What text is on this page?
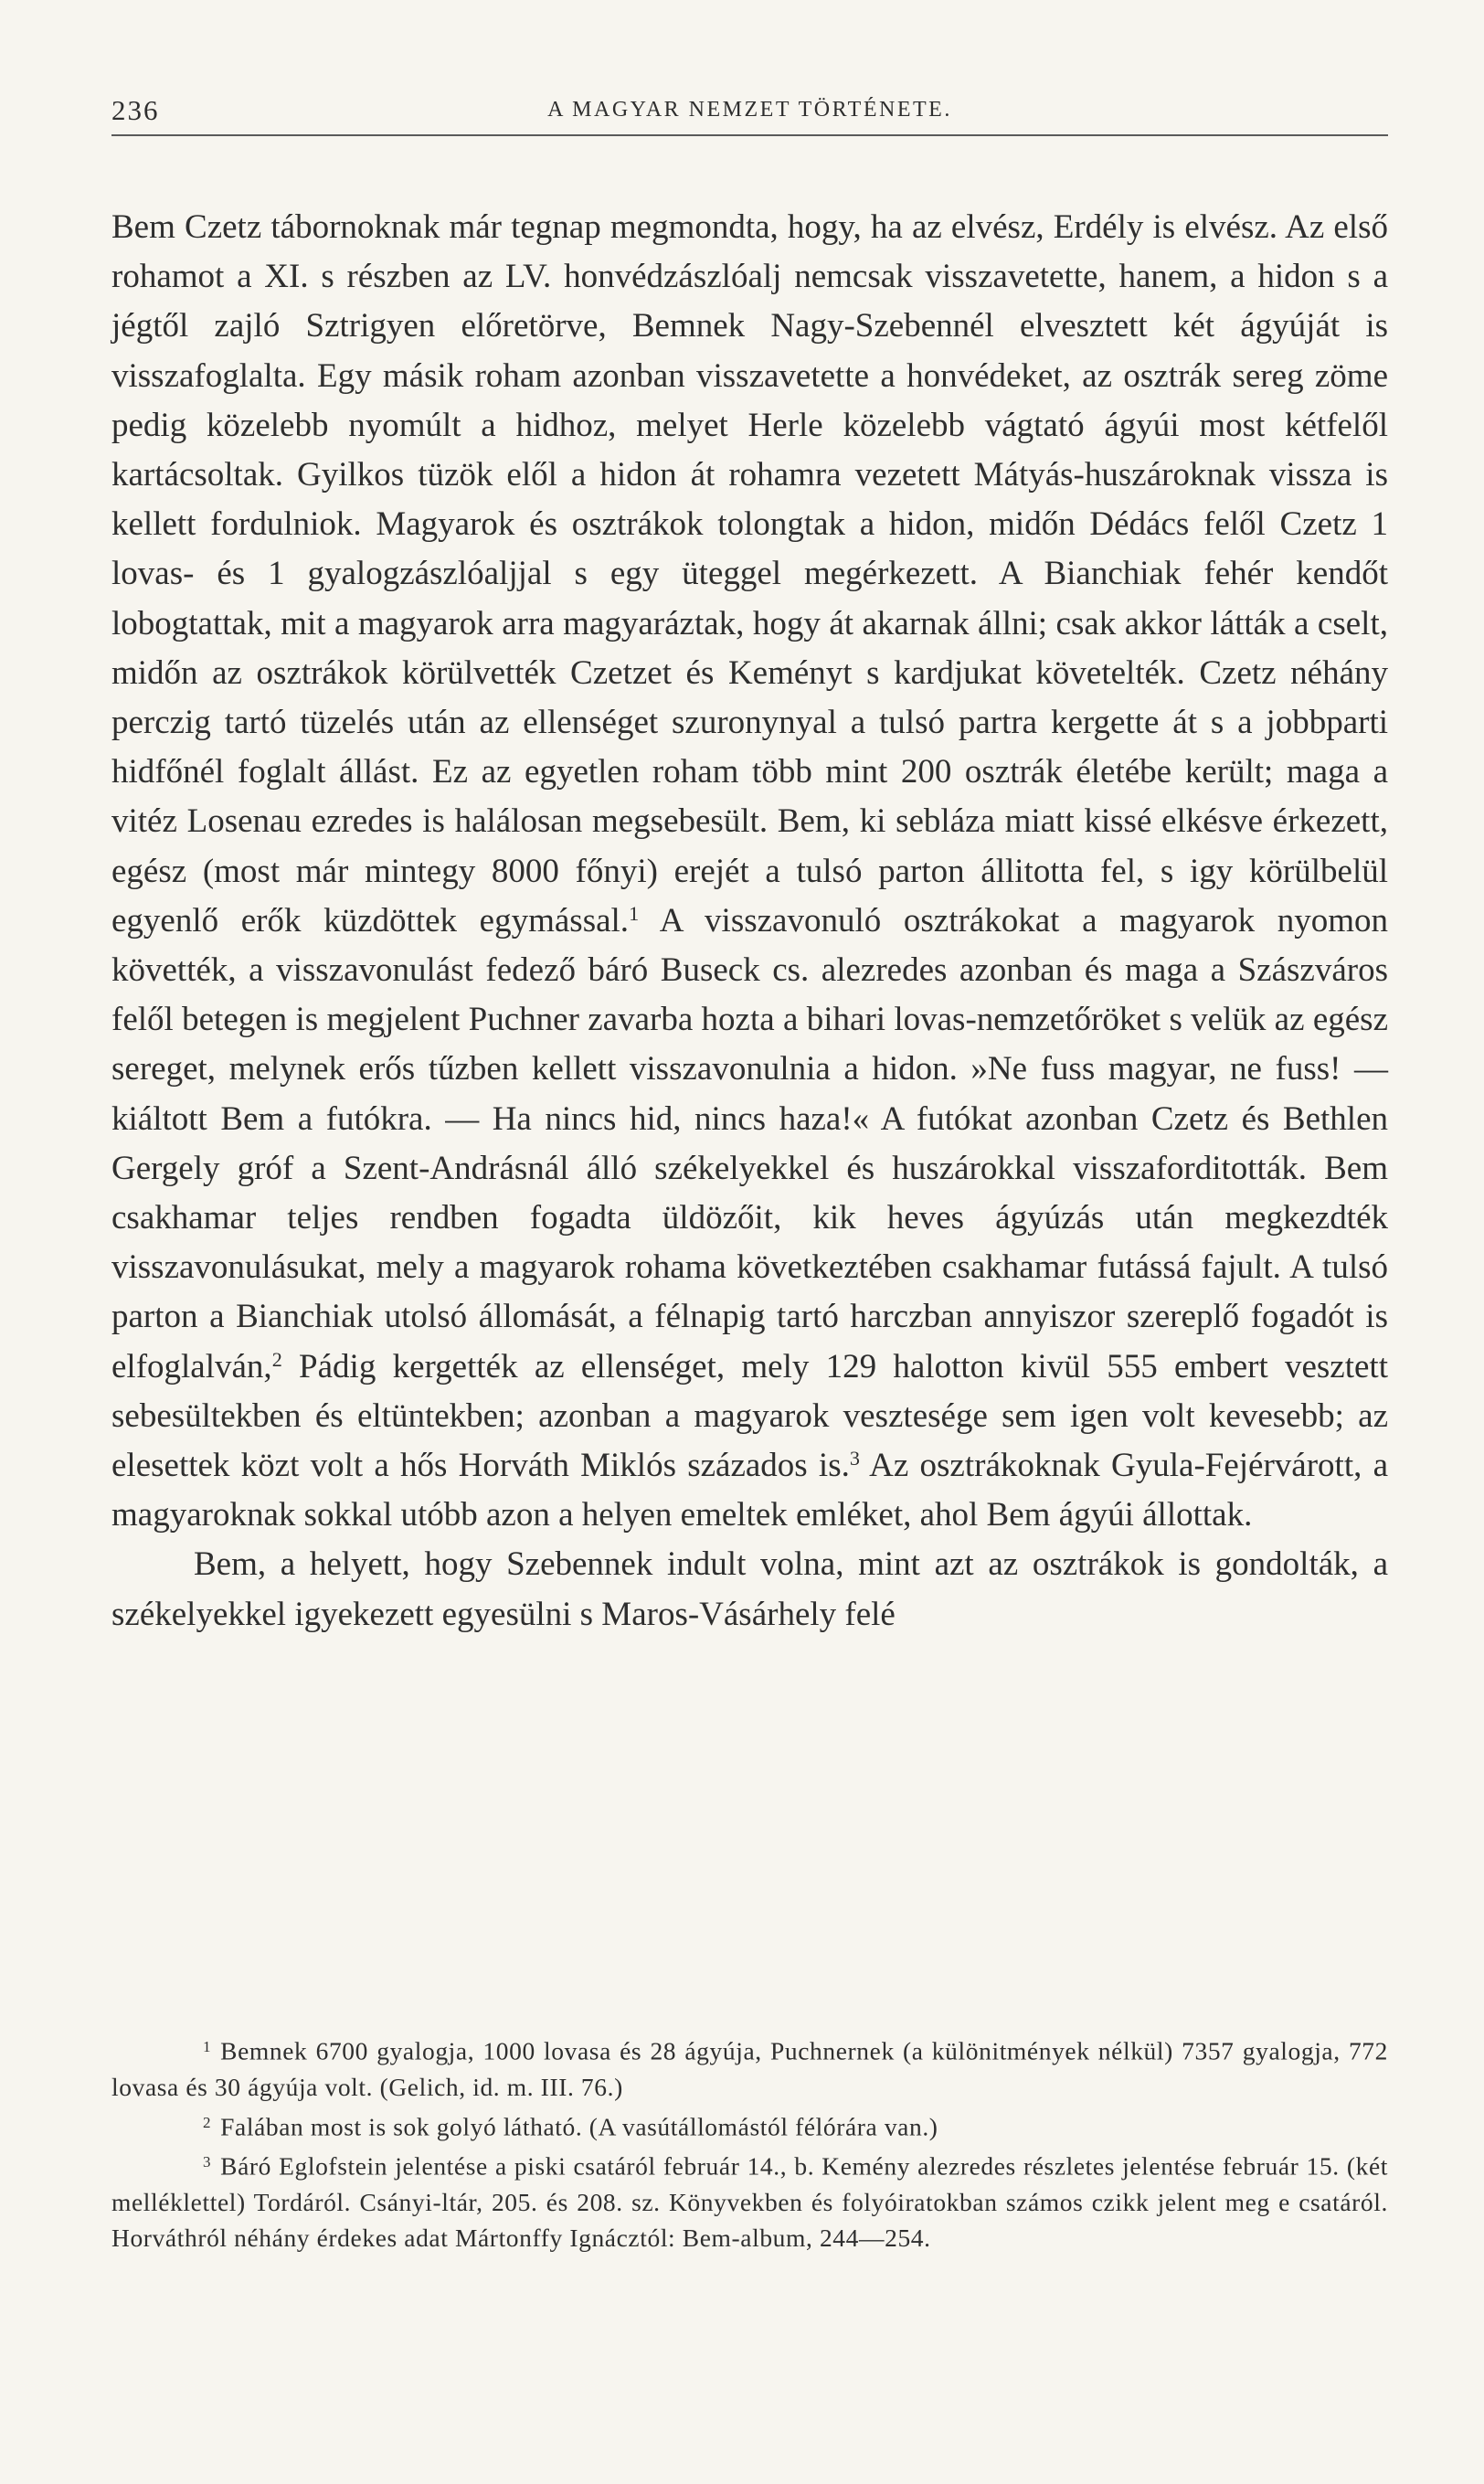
236	A MAGYAR NEMZET TÖRTÉNETE.

Bem Czetz tábornoknak már tegnap megmondta, hogy, ha az elvész, Erdély is elvész. Az első rohamot a XI. s részben az LV. honvédzászlóalj nemcsak visszavetette, hanem, a hidon s a jégtől zajló Sztrigyen előretörve, Bemnek Nagy-Szebennél elvesztett két ágyúját is visszafoglalta. Egy másik roham azonban visszavetette a honvédeket, az osztrák sereg zöme pedig közelebb nyomúlt a hidhoz, melyet Herle közelebb vágtató ágyúi most kétfelől kartácsoltak. Gyilkos tüzök elől a hidon át rohamra vezetett Mátyás-huszároknak vissza is kellett fordulniok. Magyarok és osztrákok tolongtak a hidon, midőn Dédács felől Czetz 1 lovas- és 1 gyalogzászlóaljjal s egy üteggel megérkezett. A Bianchiak fehér kendőt lobogtattak, mit a magyarok arra magyaráztak, hogy át akarnak állni; csak akkor látták a cselt, midőn az osztrákok körülvették Czetzet és Keményt s kardjukat követelték. Czetz néhány perczig tartó tüzelés után az ellenséget szuronynyal a tulsó partra kergette át s a jobbparti hidfőnél foglalt állást. Ez az egyetlen roham több mint 200 osztrák életébe került; maga a vitéz Losenau ezredes is halálosan megsebesült. Bem, ki sebláza miatt kissé elkésve érkezett, egész (most már mintegy 8000 főnyi) erejét a tulsó parton állitotta fel, s igy körülbelül egyenlő erők küzdöttek egymással.$^1$ A visszavonuló osztrákokat a magyarok nyomon követték, a visszavonulást fedező báró Buseck cs. alezredes azonban és maga a Szászváros felől betegen is megjelent Puchner zavarba hozta a bihari lovas-nemzetőröket s velük az egész sereget, melynek erős tűzben kellett visszavonulnia a hidon. »Ne fuss magyar, ne fuss! — kiáltott Bem a futókra. — Ha nincs hid, nincs haza!« A futókat azonban Czetz és Bethlen Gergely gróf a Szent-Andrásnál álló székelyekkel és huszárokkal visszaforditották. Bem csakhamar teljes rendben fogadta üldözőit, kik heves ágyúzás után megkezdték visszavonulásukat, mely a magyarok rohama következtében csakhamar futássá fajult. A tulsó parton a Bianchiak utolsó állomását, a félnapig tartó harczban annyiszor szereplő fogadót is elfoglalván,$^2$ Pádig kergették az ellenséget, mely 129 halotton kivül 555 embert vesztett sebesültekben és eltüntekben; azonban a magyarok vesztesége sem igen volt kevesebb; az elesettek közt volt a hős Horváth Miklós százados is.$^3$ Az osztrákoknak Gyula-Fejérvárott, a magyaroknak sokkal utóbb azon a helyen emeltek emléket, ahol Bem ágyúi állottak.

Bem, a helyett, hogy Szebennek indult volna, mint azt az osztrákok is gondolták, a székelyekkel igyekezett egyesülni s Maros-Vásárhely felé

$^1$ Bemnek 6700 gyalogja, 1000 lovasa és 28 ágyúja, Puchnernek (a különitmények nélkül) 7357 gyalogja, 772 lovasa és 30 ágyúja volt. (Gelich, id. m. III. 76.)

$^2$ Falában most is sok golyó látható. (A vasútállomástól félórára van.)

$^3$ Báró Eglofstein jelentése a piski csatáról február 14., b. Kemény alezredes részletes jelentése február 15. (két melléklettel) Tordáról. Csányi-ltár, 205. és 208. sz. Könyvekben és folyóiratokban számos czikk jelent meg e csatáról. Horváthról néhány érdekes adat Mártonffy Ignácztól: Bem-album, 244—254.
